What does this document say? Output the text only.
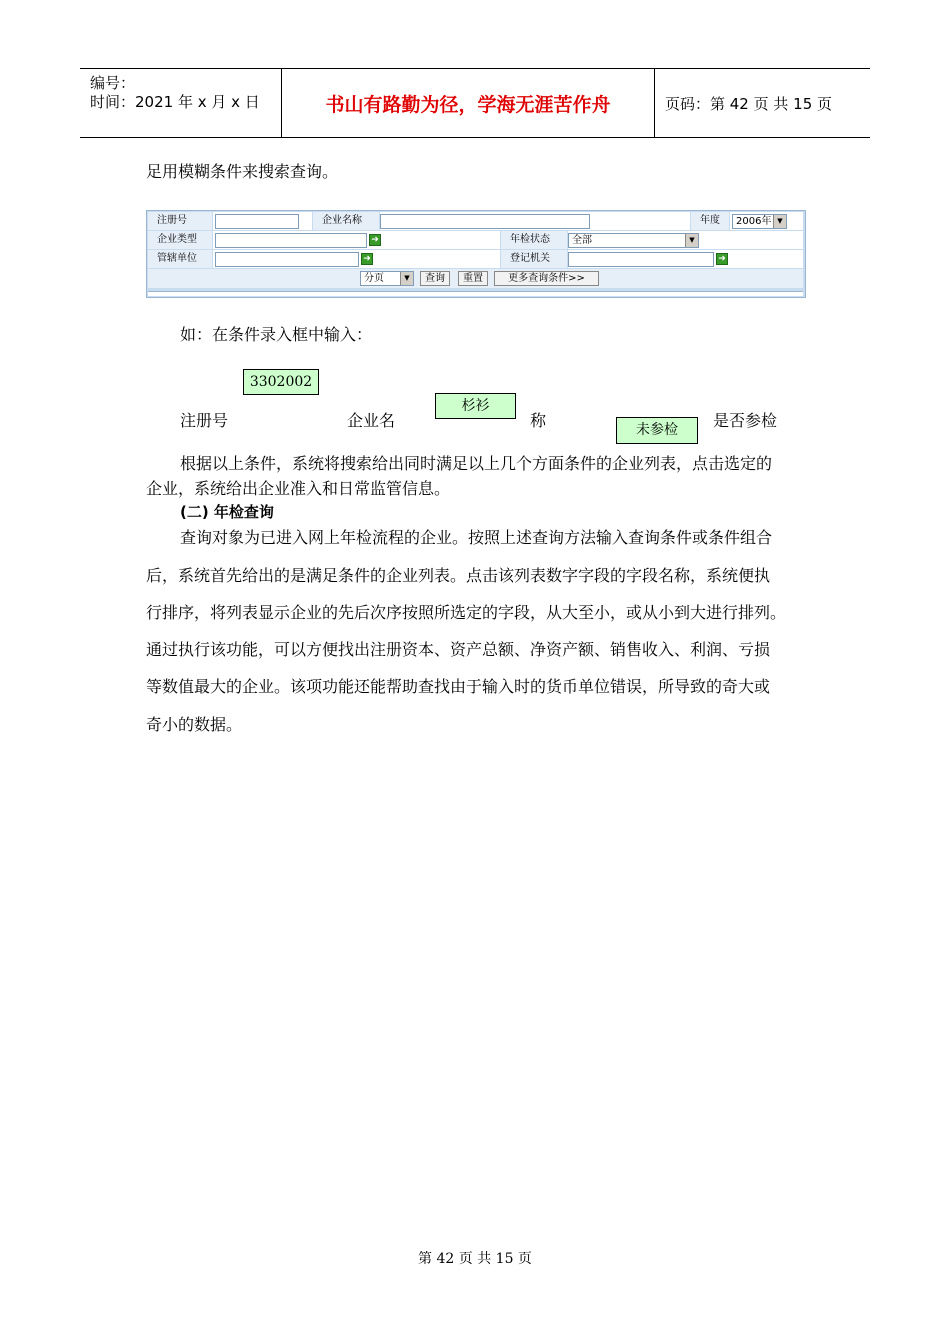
编号：
时间：2021 年 x 月 x 日	书山有路勤为径，学海无涯苦作舟	页码：第 42 页 共 15 页
足用模糊条件来搜索查询。
注册号	企业名称	年度	2006年 ▼
企业类型	➜	年检状态	全部	▼
管辖单位	➜	登记机关	➜
分页	▼	查询	重置	更多查询条件>>
如：在条件录入框中输入：
3302002
注册号	企业名
杉衫
称	未参检	是否参检
根据以上条件，系统将搜索给出同时满足以上几个方面条件的企业列表，点击选定的
企业，系统给出企业准入和日常监管信息。
(二) 年检查询
查询对象为已进入网上年检流程的企业。按照上述查询方法输入查询条件或条件组合
后，系统首先给出的是满足条件的企业列表。点击该列表数字字段的字段名称，系统便执
行排序，将列表显示企业的先后次序按照所选定的字段，从大至小，或从小到大进行排列。
通过执行该功能，可以方便找出注册资本、资产总额、净资产额、销售收入、利润、亏损
等数值最大的企业。该项功能还能帮助查找由于输入时的货币单位错误，所导致的奇大或
奇小的数据。
第 42 页 共 15 页
